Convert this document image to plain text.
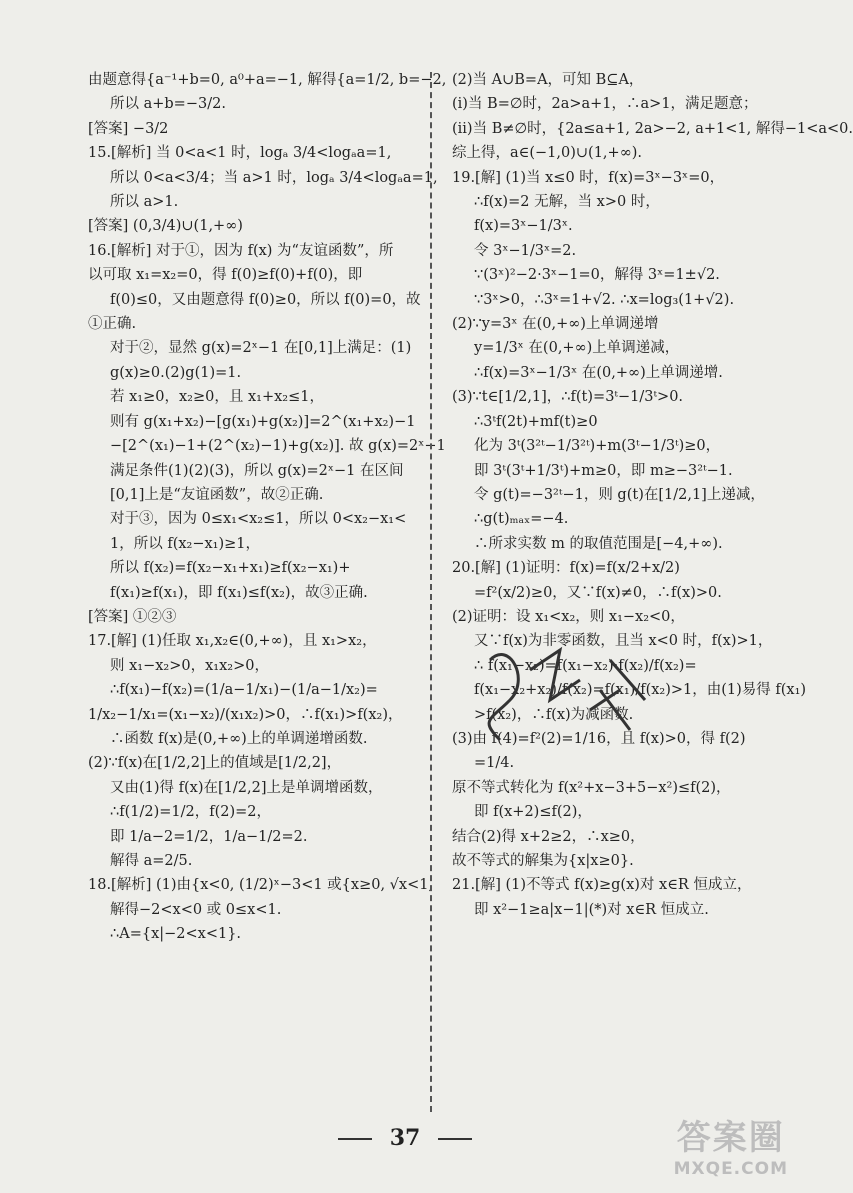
由题意得{a⁻¹+b=0, a⁰+a=−1, 解得{a=1/2, b=−2,
所以 a+b=−3/2.
[答案] −3/2
15.[解析] 当 0<a<1 时，logₐ 3/4<logₐa=1,
所以 0<a<3/4；当 a>1 时，logₐ 3/4<logₐa=1,
所以 a>1.
[答案] (0,3/4)∪(1,+∞)
16.[解析] 对于①，因为 f(x) 为“友谊函数”，所
以可取 x₁=x₂=0，得 f(0)≥f(0)+f(0)，即
f(0)≤0，又由题意得 f(0)≥0，所以 f(0)=0，故
①正确.
对于②，显然 g(x)=2ˣ−1 在[0,1]上满足：(1)
g(x)≥0.(2)g(1)=1.
若 x₁≥0，x₂≥0，且 x₁+x₂≤1，
则有 g(x₁+x₂)−[g(x₁)+g(x₂)]=2^(x₁+x₂)−1
−[2^(x₁)−1+(2^(x₂)−1)+g(x₂)]. 故 g(x)=2ˣ−1
满足条件(1)(2)(3)，所以 g(x)=2ˣ−1 在区间
[0,1]上是“友谊函数”，故②正确.
对于③，因为 0≤x₁<x₂≤1，所以 0<x₂−x₁<
1，所以 f(x₂−x₁)≥1，
所以 f(x₂)=f(x₂−x₁+x₁)≥f(x₂−x₁)+
f(x₁)≥f(x₁)，即 f(x₁)≤f(x₂)，故③正确.
[答案] ①②③
17.[解] (1)任取 x₁,x₂∈(0,+∞)，且 x₁>x₂，
则 x₁−x₂>0，x₁x₂>0，
∴f(x₁)−f(x₂)=(1/a−1/x₁)−(1/a−1/x₂)=
1/x₂−1/x₁=(x₁−x₂)/(x₁x₂)>0，∴f(x₁)>f(x₂)，
∴函数 f(x)是(0,+∞)上的单调递增函数.
(2)∵f(x)在[1/2,2]上的值域是[1/2,2]，
又由(1)得 f(x)在[1/2,2]上是单调增函数，
∴f(1/2)=1/2，f(2)=2，
即 1/a−2=1/2，1/a−1/2=2.
解得 a=2/5.
18.[解析] (1)由{x<0, (1/2)ˣ−3<1 或{x≥0, √x<1,
解得−2<x<0 或 0≤x<1.
∴A={x|−2<x<1}.
(2)当 A∪B=A，可知 B⊆A，
(i)当 B=∅时，2a>a+1，∴a>1，满足题意；
(ii)当 B≠∅时，{2a≤a+1, 2a>−2, a+1<1, 解得−1<a<0.
综上得，a∈(−1,0)∪(1,+∞).
19.[解] (1)当 x≤0 时，f(x)=3ˣ−3ˣ=0，
∴f(x)=2 无解，当 x>0 时，
f(x)=3ˣ−1/3ˣ.
令 3ˣ−1/3ˣ=2.
∵(3ˣ)²−2·3ˣ−1=0，解得 3ˣ=1±√2.
∵3ˣ>0，∴3ˣ=1+√2. ∴x=log₃(1+√2).
(2)∵y=3ˣ 在(0,+∞)上单调递增
y=1/3ˣ 在(0,+∞)上单调递减，
∴f(x)=3ˣ−1/3ˣ 在(0,+∞)上单调递增.
(3)∵t∈[1/2,1]，∴f(t)=3ᵗ−1/3ᵗ>0.
∴3ᵗf(2t)+mf(t)≥0
化为 3ᵗ(3²ᵗ−1/3²ᵗ)+m(3ᵗ−1/3ᵗ)≥0，
即 3ᵗ(3ᵗ+1/3ᵗ)+m≥0，即 m≥−3²ᵗ−1.
令 g(t)=−3²ᵗ−1，则 g(t)在[1/2,1]上递减，
∴g(t)ₘₐₓ=−4.
∴所求实数 m 的取值范围是[−4,+∞).
20.[解] (1)证明：f(x)=f(x/2+x/2)
=f²(x/2)≥0，又∵f(x)≠0，∴f(x)>0.
(2)证明：设 x₁<x₂，则 x₁−x₂<0，
又∵f(x)为非零函数，且当 x<0 时，f(x)>1，
∴ f(x₁−x₂)=f(x₁−x₂)·f(x₂)/f(x₂)=
f(x₁−x₂+x₂)/f(x₂)=f(x₁)/f(x₂)>1，由(1)易得 f(x₁)
>f(x₂)，∴f(x)为减函数.
(3)由 f(4)=f²(2)=1/16，且 f(x)>0，得 f(2)
=1/4.
原不等式转化为 f(x²+x−3+5−x²)≤f(2)，
即 f(x+2)≤f(2)，
结合(2)得 x+2≥2，∴x≥0，
故不等式的解集为{x|x≥0}.
21.[解] (1)不等式 f(x)≥g(x)对 x∈R 恒成立，
即 x²−1≥a|x−1|(*)对 x∈R 恒成立.
37	答案圈
MXQE.COM
